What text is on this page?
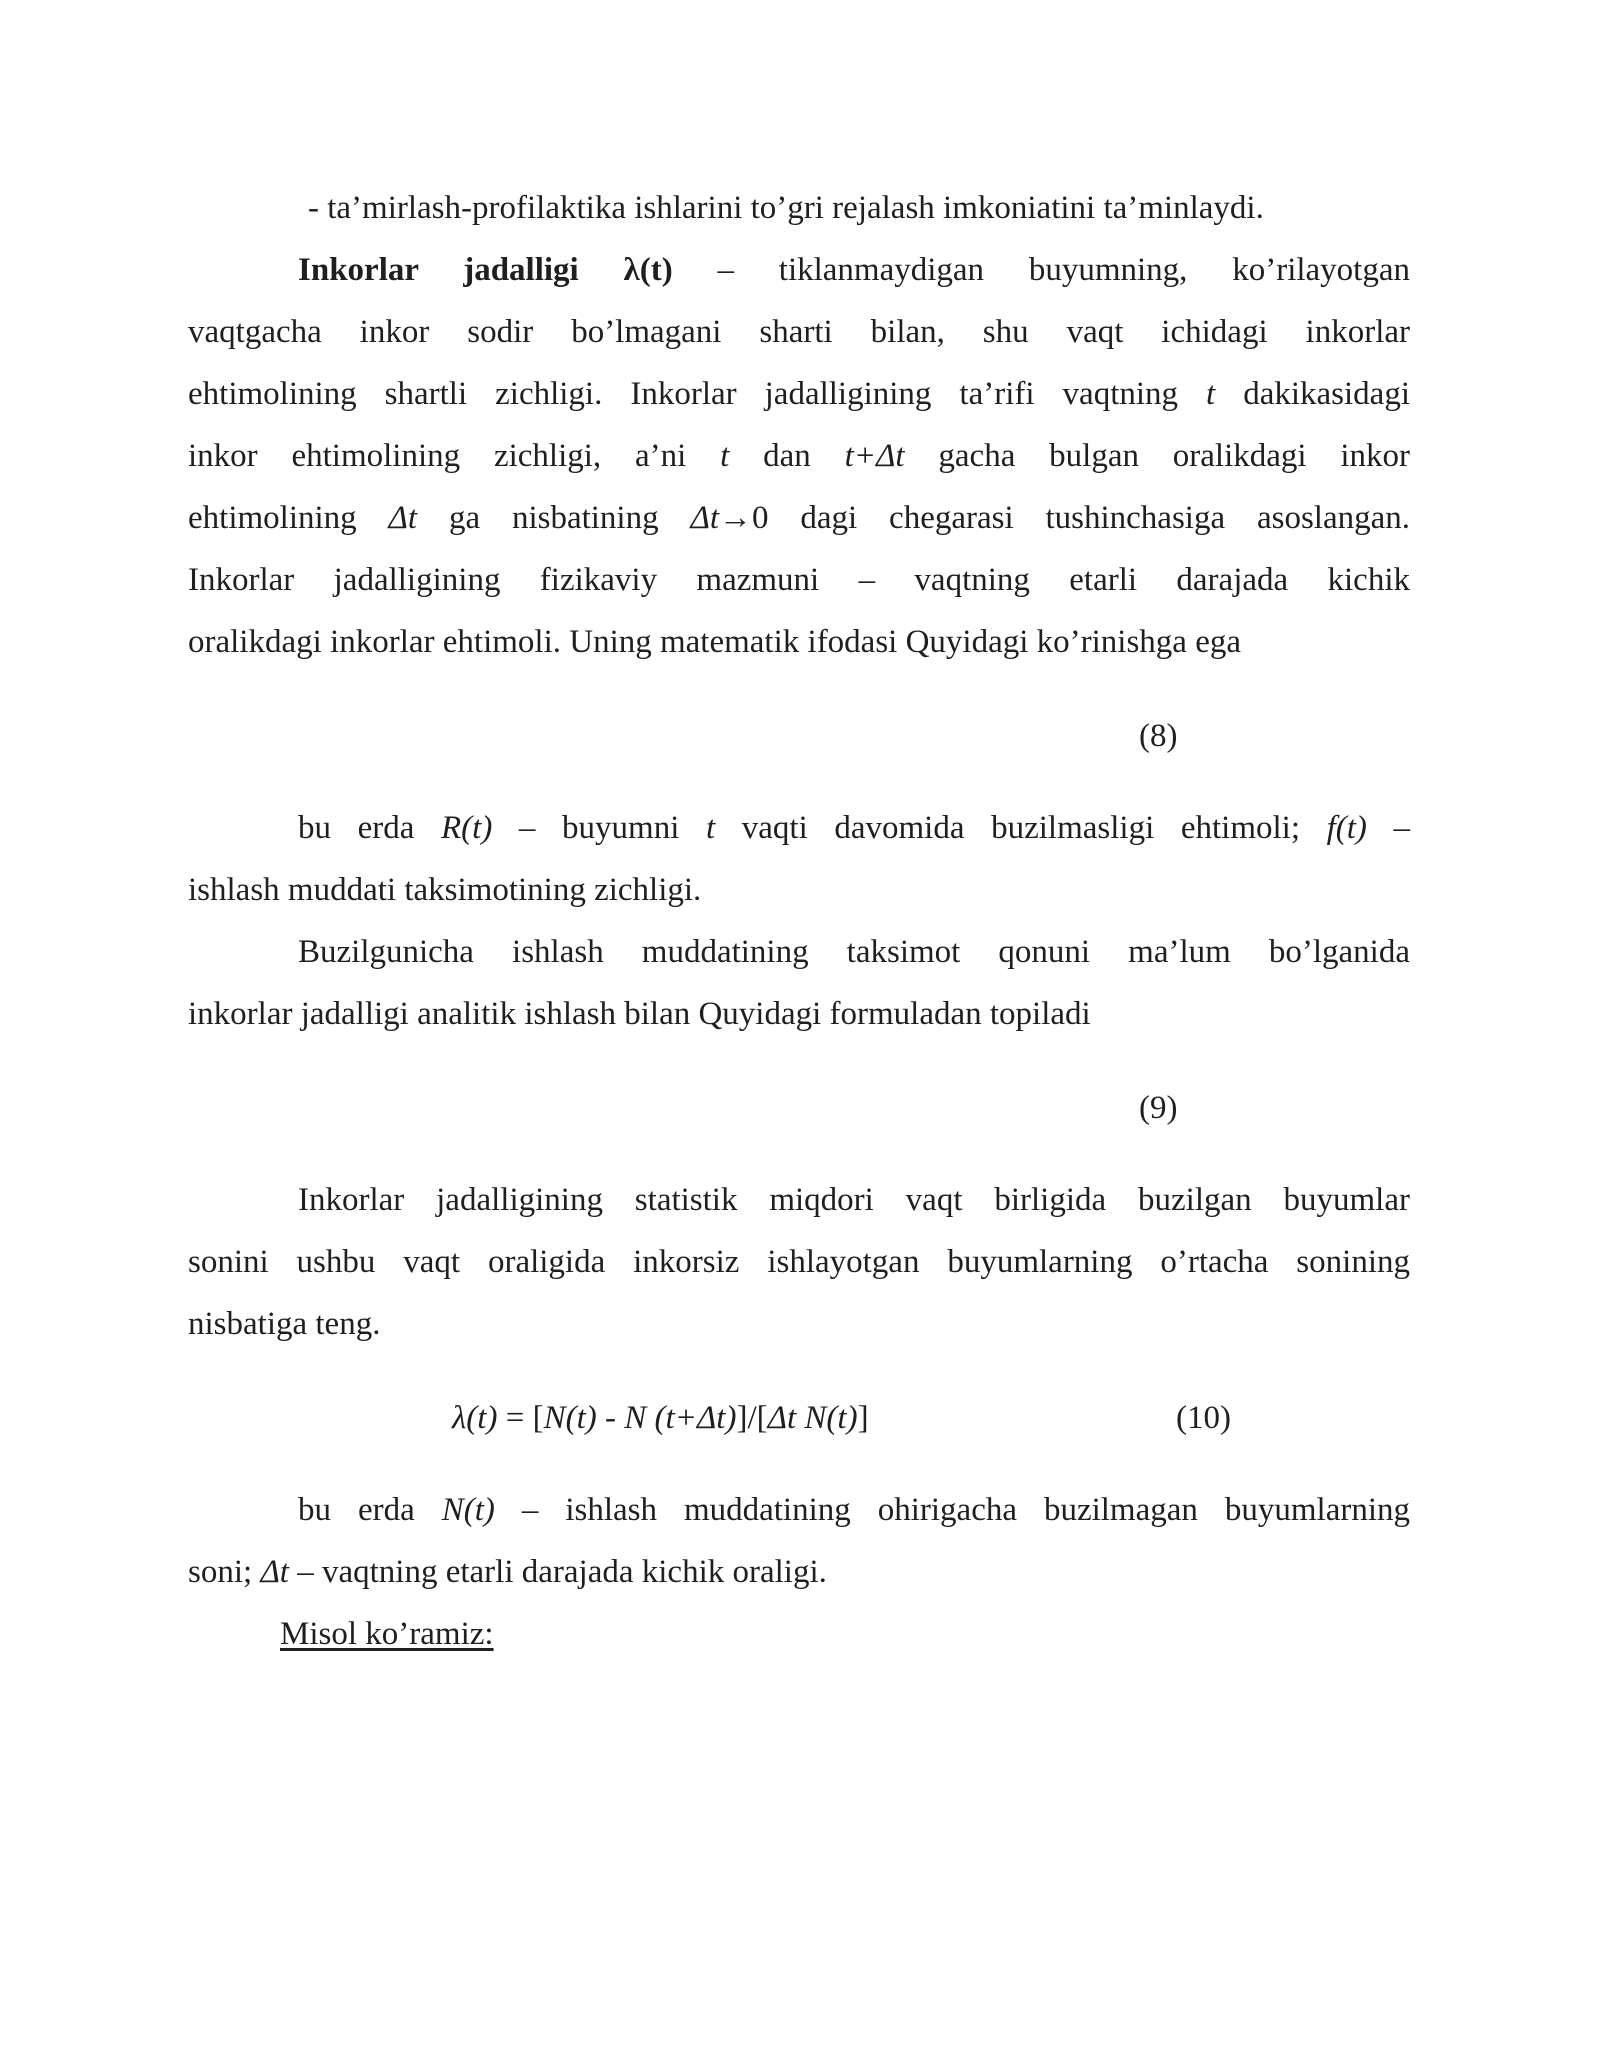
- ta’mirlash-profilaktika ishlarini to’gri rejalash imkoniatini ta’minlaydi.
Inkorlar jadalligi λ(t) – tiklanmaydigan buyumning, ko’rilayotgan
vaqtgacha inkor sodir bo’lmagani sharti bilan, shu vaqt ichidagi inkorlar
ehtimolining shartli zichligi. Inkorlar jadalligining ta’rifi vaqtning t dakikasidagi
inkor ehtimolining zichligi, a’ni t dan t+Δt gacha bulgan oralikdagi inkor
ehtimolining Δt ga nisbatining Δt→0 dagi chegarasi tushinchasiga asoslangan.
Inkorlar jadalligining fizikaviy mazmuni – vaqtning etarli darajada kichik
oralikdagi inkorlar ehtimoli. Uning matematik ifodasi Quyidagi ko’rinishga ega
(8)
bu erda R(t) – buyumni t vaqti davomida buzilmasligi ehtimoli; f(t) –
ishlash muddati taksimotining zichligi.
Buzilgunicha ishlash muddatining taksimot qonuni ma’lum bo’lganida
inkorlar jadalligi analitik ishlash bilan Quyidagi formuladan topiladi
(9)
Inkorlar jadalligining statistik miqdori vaqt birligida buzilgan buyumlar
sonini ushbu vaqt oraligida inkorsiz ishlayotgan buyumlarning o’rtacha sonining
nisbatiga teng.
λ(t) = [N(t) - N (t+Δt)]/[Δt N(t)]	(10)
bu erda N(t) – ishlash muddatining ohirigacha buzilmagan buyumlarning
soni; Δt – vaqtning etarli darajada kichik oraligi.
Misol ko’ramiz:
